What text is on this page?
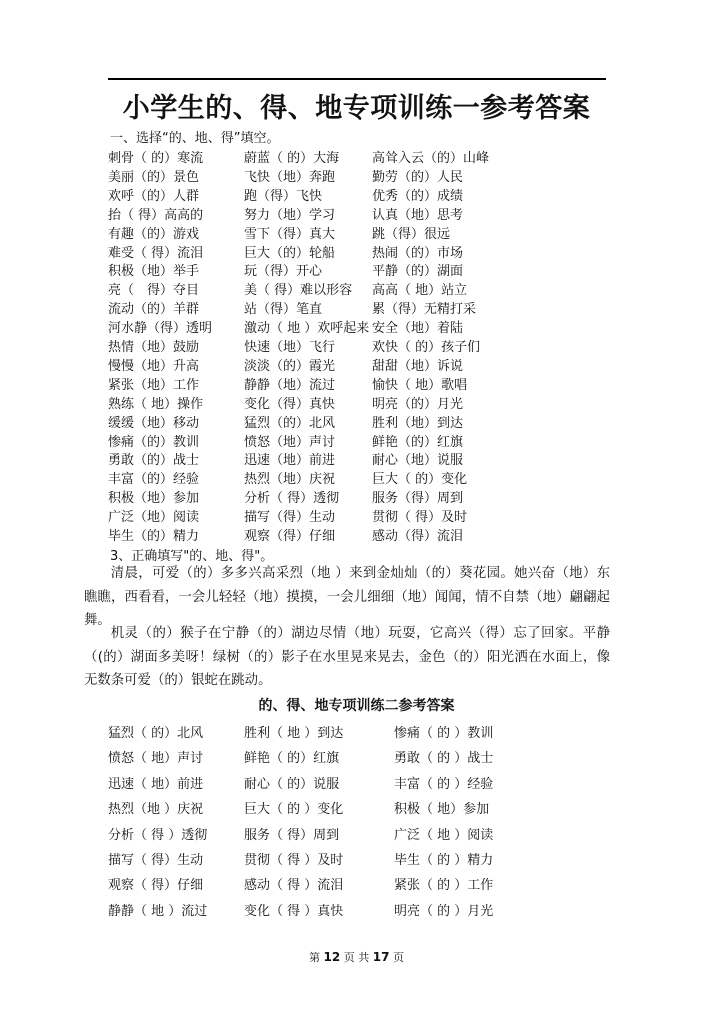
小学生的、得、地专项训练一参考答案
一、选择“的、地、得”填空。
刺骨（ 的）寒流	蔚蓝（ 的）大海	高耸入云（的）山峰
美丽（的）景色	飞快（地）奔跑	勤劳（的）人民
欢呼（的）人群	跑（得）飞快	优秀（的）成绩
抬（ 得）高高的	努力（地）学习	认真（地）思考
有趣（的）游戏	雪下（得）真大	跳（得）很远
难受（ 得）流泪	巨大（的）轮船	热闹（的）市场
积极（地）举手	玩（得）开心	平静（的）湖面
亮（　得）夺目	美（ 得）难以形容 高高（ 地）站立
流动（的）羊群	站（得）笔直	累（得）无精打采
河水静（得）透明 激动（ 地 ）欢呼起来 安全（地）着陆
热情（地）鼓励	快速（地）飞行	欢快（ 的）孩子们
慢慢（地）升高	淡淡（的）霞光	甜甜（地）诉说
紧张（地）工作	静静（地）流过	愉快（ 地）歌唱
熟练（ 地）操作	变化（得）真快	明亮（的）月光
缓缓（地）移动	猛烈（的）北风	胜利（地）到达
惨痛（的）教训	愤怒（地）声讨	鲜艳（的）红旗
勇敢（的）战士	迅速（地）前进	耐心（地）说服
丰富（的）经验	热烈（地）庆祝	巨大（ 的）变化
积极（地）参加	分析（ 得）透彻	服务（得）周到
广泛（地）阅读	描写（得）生动	贯彻（ 得）及时
毕生（的）精力	观察（得）仔细	感动（得）流泪
3、正确填写"的、地、得"。

清晨，可爱（的）多多兴高采烈（地 ）来到金灿灿（的）葵花园。她兴奋（地）东瞧瞧，西看看，一会儿轻轻（地）摸摸，一会儿细细（地）闻闻，情不自禁（地）翩翩起舞。

机灵（的）猴子在宁静（的）湖边尽情（地）玩耍，它高兴（得）忘了回家。平静（(的）湖面多美呀！绿树（的）影子在水里晃来晃去，金色（的）阳光洒在水面上，像无数条可爱（的）银蛇在跳动。

的、得、地专项训练二参考答案
猛烈（ 的）北风	胜利（ 地 ）到达	惨痛（ 的 ）教训
愤怒（ 地）声讨	鲜艳（ 的）红旗	勇敢（ 的 ）战士
迅速（ 地）前进	耐心（ 的）说服	丰富（ 的 ）经验
热烈（地 ）庆祝	巨大（ 的 ）变化	积极（ 地）参加
分析（ 得 ）透彻	服务（ 得）周到	广泛（ 地 ）阅读
描写（ 得）生动	贯彻（ 得 ）及时	毕生（ 的 ）精力
观察（ 得）仔细	感动（ 得 ）流泪	紧张（ 的 ）工作
静静（ 地 ）流过	变化（ 得 ）真快	明亮（ 的 ）月光
第 12 页 共 17 页
